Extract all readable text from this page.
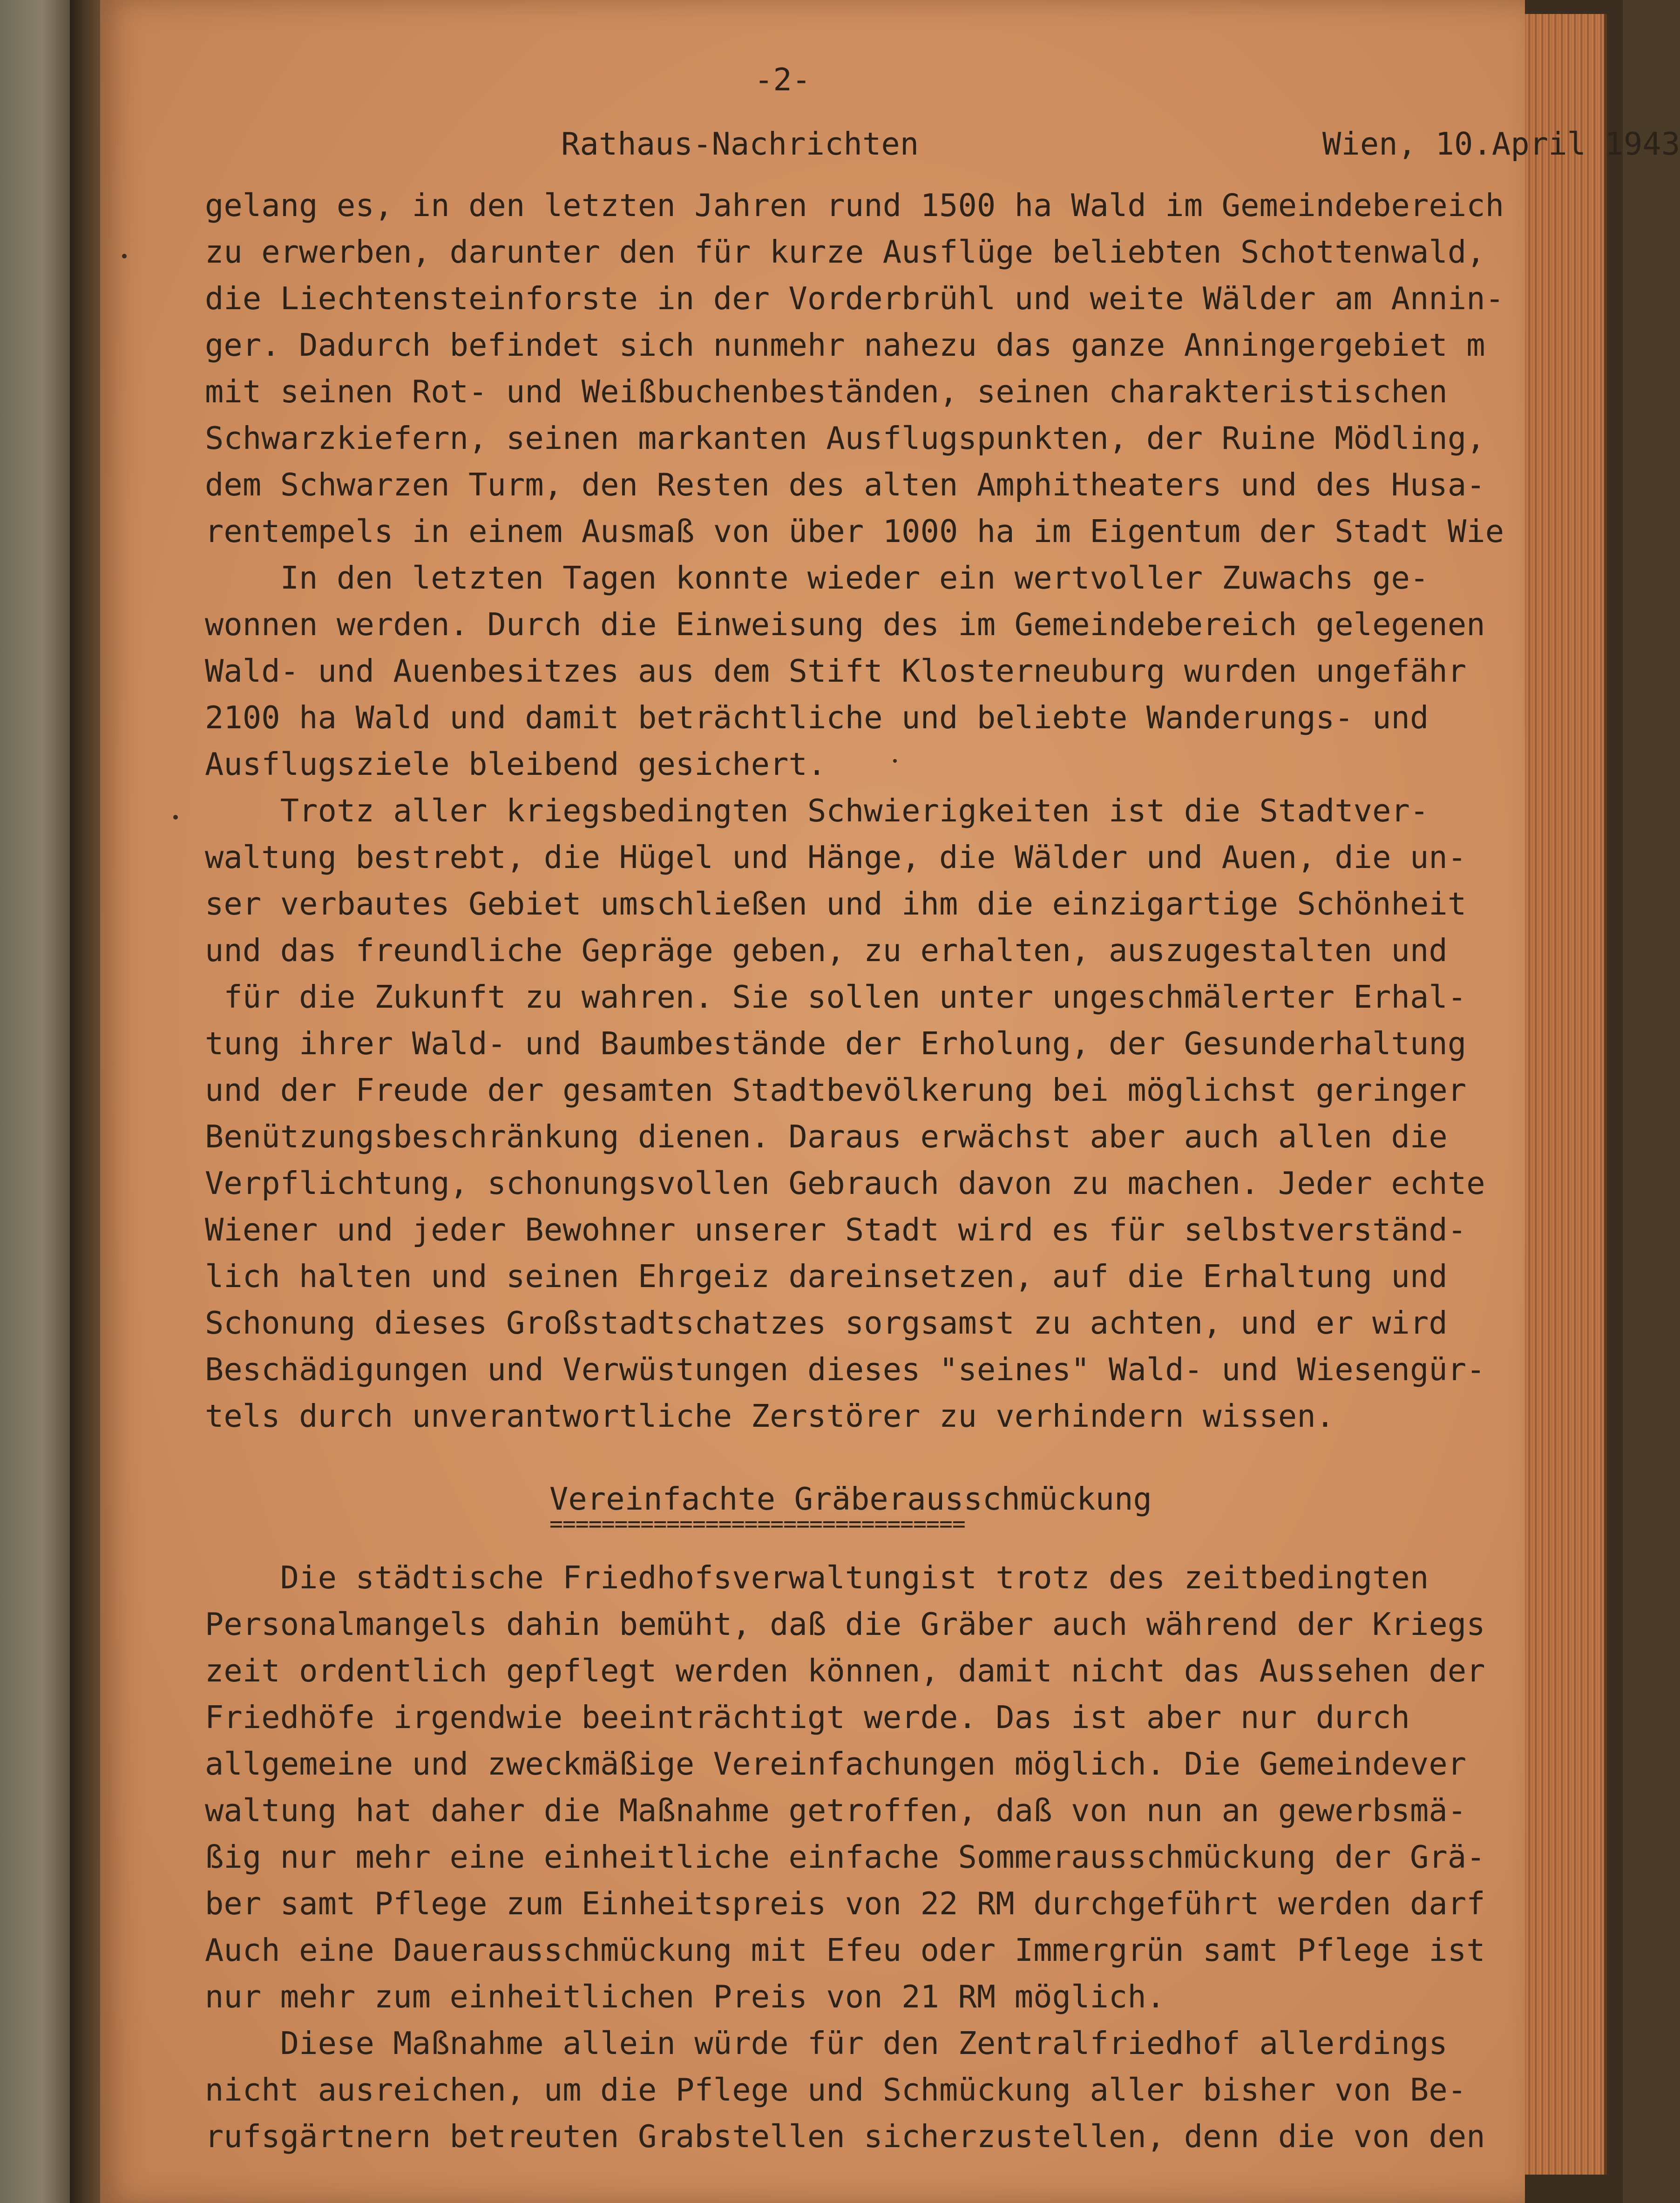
-2-
Rathaus-Nachrichten	Wien, 10.April 1943
gelang es, in den letzten Jahren rund 1500 ha Wald im Gemeindebereich
zu erwerben, darunter den für kurze Ausflüge beliebten Schottenwald,
die Liechtensteinforste in der Vorderbrühl und weite Wälder am Annin-
ger. Dadurch befindet sich nunmehr nahezu das ganze Anningergebiet m
mit seinen Rot- und Weißbuchenbeständen, seinen charakteristischen
Schwarzkiefern, seinen markanten Ausflugspunkten, der Ruine Mödling,
dem Schwarzen Turm, den Resten des alten Amphitheaters und des Husa-
rentempels in einem Ausmaß von über 1000 ha im Eigentum der Stadt Wie
In den letzten Tagen konnte wieder ein wertvoller Zuwachs ge-
wonnen werden. Durch die Einweisung des im Gemeindebereich gelegenen
Wald- und Auenbesitzes aus dem Stift Klosterneuburg wurden ungefähr
2100 ha Wald und damit beträchtliche und beliebte Wanderungs- und
Ausflugsziele bleibend gesichert.
Trotz aller kriegsbedingten Schwierigkeiten ist die Stadtver-
waltung bestrebt, die Hügel und Hänge, die Wälder und Auen, die un-
ser verbautes Gebiet umschließen und ihm die einzigartige Schönheit
und das freundliche Gepräge geben, zu erhalten, auszugestalten und
für die Zukunft zu wahren. Sie sollen unter ungeschmälerter Erhal-
tung ihrer Wald- und Baumbestände der Erholung, der Gesunderhaltung
und der Freude der gesamten Stadtbevölkerung bei möglichst geringer
Benützungsbeschränkung dienen. Daraus erwächst aber auch allen die
Verpflichtung, schonungsvollen Gebrauch davon zu machen. Jeder echte
Wiener und jeder Bewohner unserer Stadt wird es für selbstverständ-
lich halten und seinen Ehrgeiz dareinsetzen, auf die Erhaltung und
Schonung dieses Großstadtschatzes sorgsamst zu achten, und er wird
Beschädigungen und Verwüstungen dieses "seines" Wald- und Wiesengür-
tels durch unverantwortliche Zerstörer zu verhindern wissen.
Vereinfachte Gräberausschmückung
================================
Die städtische Friedhofsverwaltungist trotz des zeitbedingten
Personalmangels dahin bemüht, daß die Gräber auch während der Kriegs
zeit ordentlich gepflegt werden können, damit nicht das Aussehen der
Friedhöfe irgendwie beeinträchtigt werde. Das ist aber nur durch
allgemeine und zweckmäßige Vereinfachungen möglich. Die Gemeindever
waltung hat daher die Maßnahme getroffen, daß von nun an gewerbsmä-
ßig nur mehr eine einheitliche einfache Sommerausschmückung der Grä-
ber samt Pflege zum Einheitspreis von 22 RM durchgeführt werden darf
Auch eine Dauerausschmückung mit Efeu oder Immergrün samt Pflege ist
nur mehr zum einheitlichen Preis von 21 RM möglich.
Diese Maßnahme allein würde für den Zentralfriedhof allerdings
nicht ausreichen, um die Pflege und Schmückung aller bisher von Be-
rufsgärtnern betreuten Grabstellen sicherzustellen, denn die von den
